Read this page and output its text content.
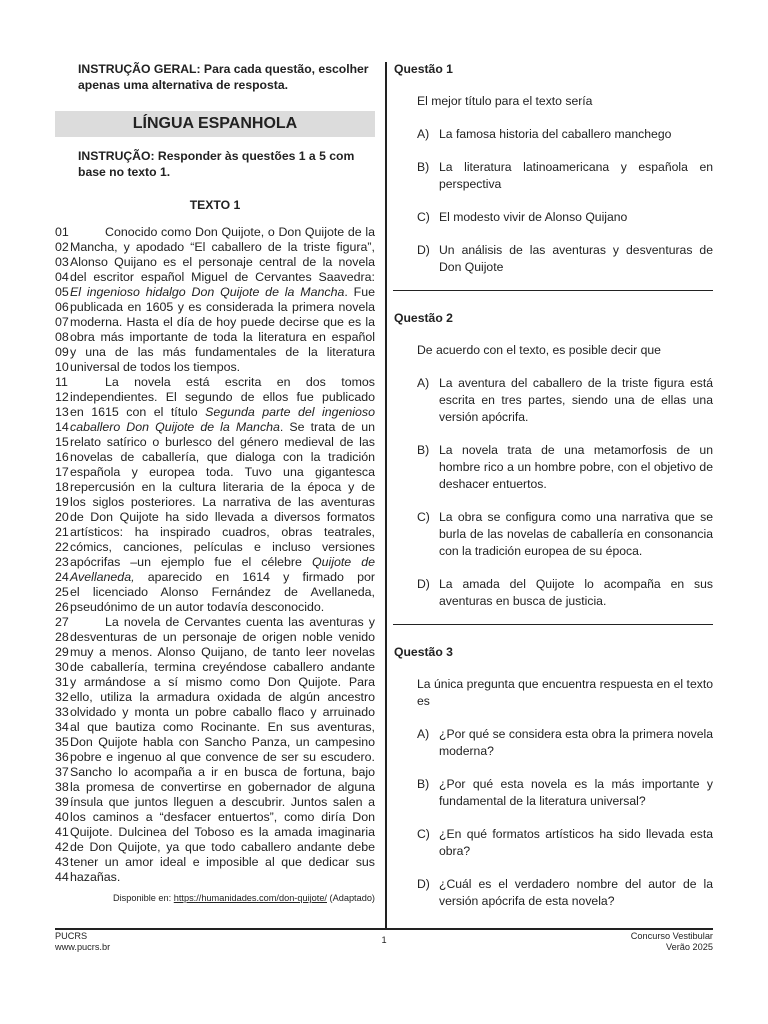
INSTRUÇÃO GERAL: Para cada questão, escolher apenas uma alternativa de resposta.
LÍNGUA ESPANHOLA
INSTRUÇÃO: Responder às questões 1 a 5 com base no texto 1.
TEXTO 1
01	Conocido como Don Quijote, o Don Quijote de la
02 Mancha, y apodado “El caballero de la triste figura”,
03 Alonso Quijano es el personaje central de la novela
04 del escritor español Miguel de Cervantes Saavedra:
05 El ingenioso hidalgo Don Quijote de la Mancha. Fue
06 publicada en 1605 y es considerada la primera novela
07 moderna. Hasta el día de hoy puede decirse que es la
08 obra más importante de toda la literatura en español
09 y una de las más fundamentales de la literatura
10 universal de todos los tiempos.
11	La novela está escrita en dos tomos
12 independientes. El segundo de ellos fue publicado
13 en 1615 con el título Segunda parte del ingenioso
14 caballero Don Quijote de la Mancha. Se trata de un
15 relato satírico o burlesco del género medieval de las
16 novelas de caballería, que dialoga con la tradición
17 española y europea toda. Tuvo una gigantesca
18 repercusión en la cultura literaria de la época y de
19 los siglos posteriores. La narrativa de las aventuras
20 de Don Quijote ha sido llevada a diversos formatos
21 artísticos: ha inspirado cuadros, obras teatrales,
22 cómics, canciones, películas e incluso versiones
23 apócrifas –un ejemplo fue el célebre Quijote de
24 Avellaneda, aparecido en 1614 y firmado por
25 el licenciado Alonso Fernández de Avellaneda,
26 pseudónimo de un autor todavía desconocido.
27	La novela de Cervantes cuenta las aventuras y
28 desventuras de un personaje de origen noble venido
29 muy a menos. Alonso Quijano, de tanto leer novelas
30 de caballería, termina creyéndose caballero andante
31 y armándose a sí mismo como Don Quijote. Para
32 ello, utiliza la armadura oxidada de algún ancestro
33 olvidado y monta un pobre caballo flaco y arruinado
34 al que bautiza como Rocinante. En sus aventuras,
35 Don Quijote habla con Sancho Panza, un campesino
36 pobre e ingenuo al que convence de ser su escudero.
37 Sancho lo acompaña a ir en busca de fortuna, bajo
38 la promesa de convertirse en gobernador de alguna
39 ínsula que juntos lleguen a descubrir. Juntos salen a
40 los caminos a “desfacer entuertos”, como diría Don
41 Quijote. Dulcinea del Toboso es la amada imaginaria
42 de Don Quijote, ya que todo caballero andante debe
43 tener un amor ideal e imposible al que dedicar sus
44 hazañas.
Disponible en: https://humanidades.com/don-quijote/ (Adaptado)
Questão 1
El mejor título para el texto sería
A) La famosa historia del caballero manchego
B) La literatura latinoamericana y española en perspectiva
C) El modesto vivir de Alonso Quijano
D) Un análisis de las aventuras y desventuras de Don Quijote
Questão 2
De acuerdo con el texto, es posible decir que
A) La aventura del caballero de la triste figura está escrita en tres partes, siendo una de ellas una versión apócrifa.
B) La novela trata de una metamorfosis de un hombre rico a un hombre pobre, con el objetivo de deshacer entuertos.
C) La obra se configura como una narrativa que se burla de las novelas de caballería en consonancia con la tradición europea de su época.
D) La amada del Quijote lo acompaña en sus aventuras en busca de justicia.
Questão 3
La única pregunta que encuentra respuesta en el texto es
A) ¿Por qué se considera esta obra la primera novela moderna?
B) ¿Por qué esta novela es la más importante y fundamental de la literatura universal?
C) ¿En qué formatos artísticos ha sido llevada esta obra?
D) ¿Cuál es el verdadero nombre del autor de la versión apócrifa de esta novela?
PUCRS
www.pucrs.br
1	Concurso Vestibular
Verão 2025
